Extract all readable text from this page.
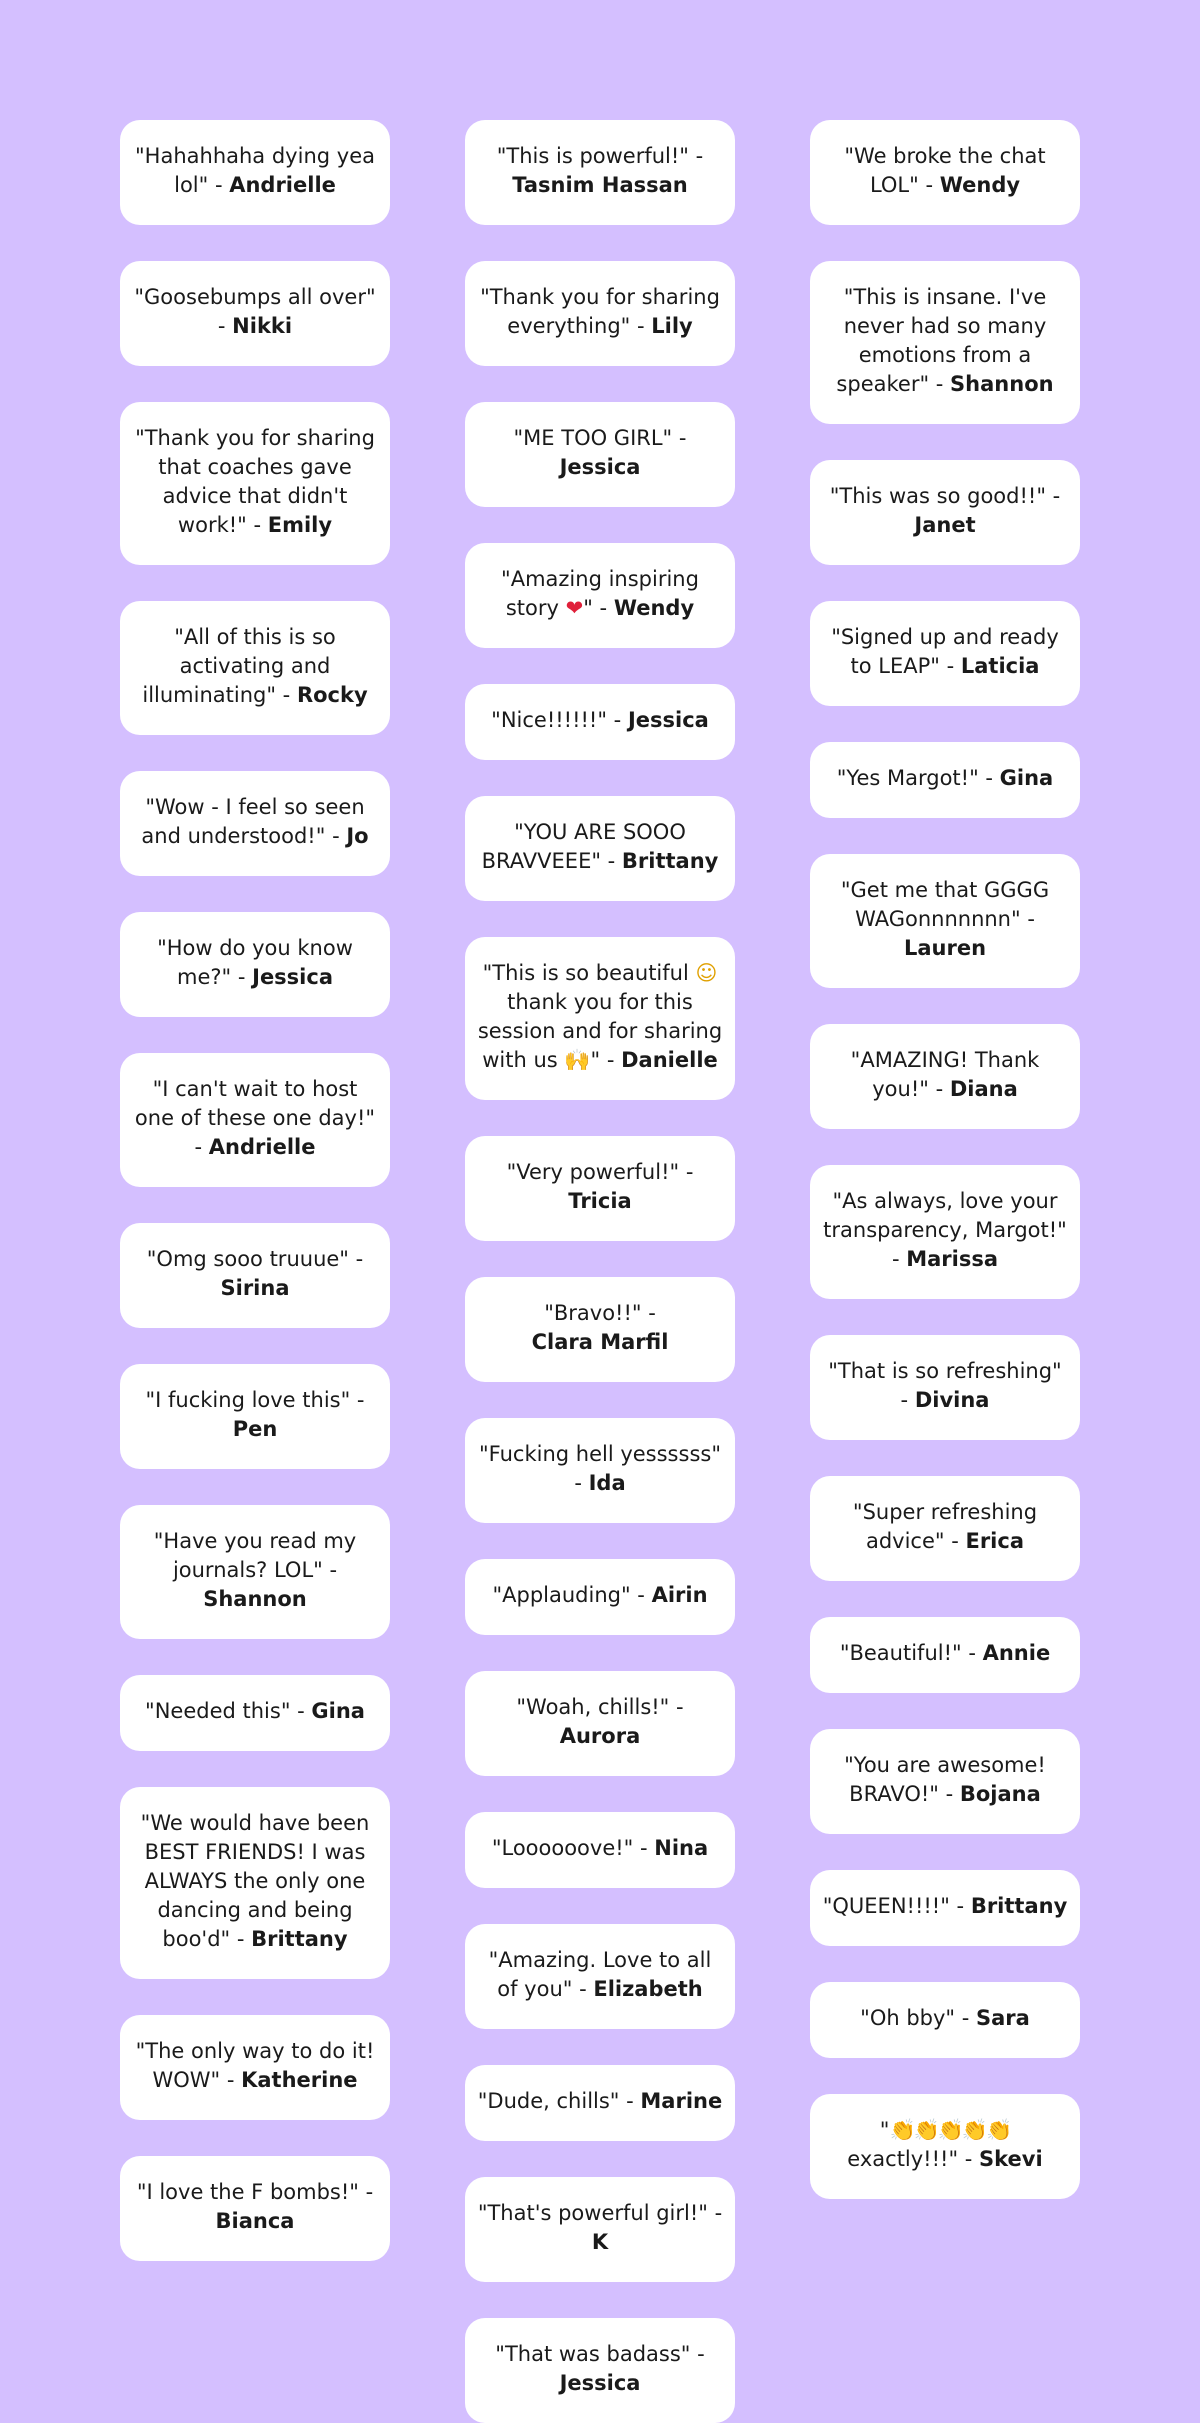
"Hahahhaha dying yea lol" - Andrielle
"Goosebumps all over" - Nikki
"Thank you for sharing that coaches gave advice that didn't work!" - Emily
"All of this is so activating and illuminating" - Rocky
"Wow - I feel so seen and understood!" - Jo
"How do you know me?" - Jessica
"I can't wait to host one of these one day!" - Andrielle
"Omg sooo truuue" - Sirina
"I fucking love this" - Pen
"Have you read my journals? LOL" - Shannon
"Needed this" - Gina
"We would have been BEST FRIENDS! I was ALWAYS the only one dancing and being boo'd" - Brittany
"The only way to do it! WOW" - Katherine
"I love the F bombs!" - Bianca
"This is powerful!" - Tasnim Hassan
"Thank you for sharing everything" - Lily
"ME TOO GIRL" - Jessica
"Amazing inspiring story ❤" - Wendy
"Nice!!!!!!" - Jessica
"YOU ARE SOOO BRAVVEEE" - Brittany
"This is so beautiful ☺ thank you for this session and for sharing with us 🙌" - Danielle
"Very powerful!" - Tricia
"Bravo!!" - Clara Marfil
"Fucking hell yessssss" - Ida
"Applauding" - Airin
"Woah, chills!" - Aurora
"Loooooove!" - Nina
"Amazing. Love to all of you" - Elizabeth
"Dude, chills" - Marine
"That's powerful girl!" - K
"That was badass" - Jessica
"We broke the chat LOL" - Wendy
"This is insane. I've never had so many emotions from a speaker" - Shannon
"This was so good!!" - Janet
"Signed up and ready to LEAP" - Laticia
"Yes Margot!" - Gina
"Get me that GGGG WAGonnnnnnn" - Lauren
"AMAZING! Thank you!" - Diana
"As always, love your transparency, Margot!" - Marissa
"That is so refreshing" - Divina
"Super refreshing advice" - Erica
"Beautiful!" - Annie
"You are awesome! BRAVO!" - Bojana
"QUEEN!!!!" - Brittany
"Oh bby" - Sara
"👏👏👏👏👏 exactly!!!" - Skevi
